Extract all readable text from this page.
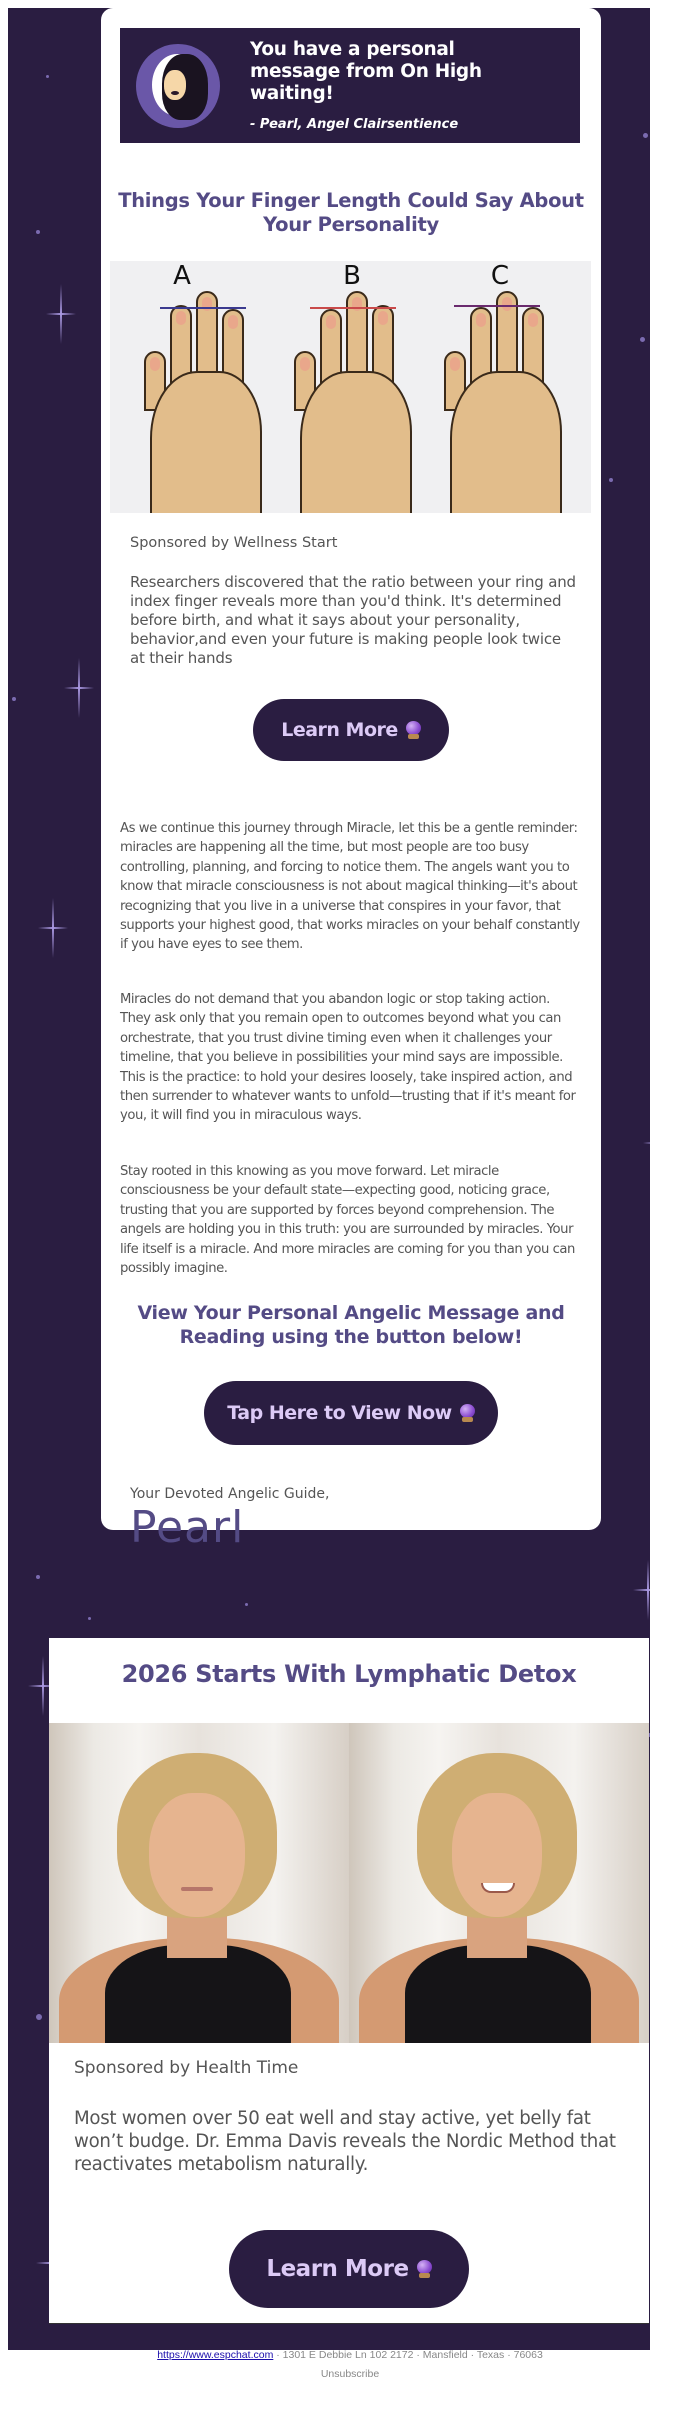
You have a personal message from On High waiting!
- Pearl, Angel Clairsentience
Things Your Finger Length Could Say About Your Personality
A	B	C
Sponsored by Wellness Start
Researchers discovered that the ratio between your ring and index finger reveals more than you'd think. It's determined before birth, and what it says about your personality, behavior,and even your future is making people look twice at their hands
Learn More
As we continue this journey through Miracle, let this be a gentle reminder: miracles are happening all the time, but most people are too busy controlling, planning, and forcing to notice them. The angels want you to know that miracle consciousness is not about magical thinking—it's about recognizing that you live in a universe that conspires in your favor, that supports your highest good, that works miracles on your behalf constantly if you have eyes to see them.
Miracles do not demand that you abandon logic or stop taking action. They ask only that you remain open to outcomes beyond what you can orchestrate, that you trust divine timing even when it challenges your timeline, that you believe in possibilities your mind says are impossible. This is the practice: to hold your desires loosely, take inspired action, and then surrender to whatever wants to unfold—trusting that if it's meant for you, it will find you in miraculous ways.
Stay rooted in this knowing as you move forward. Let miracle consciousness be your default state—expecting good, noticing grace, trusting that you are supported by forces beyond comprehension. The angels are holding you in this truth: you are surrounded by miracles. Your life itself is a miracle. And more miracles are coming for you than you can possibly imagine.
View Your Personal Angelic Message and Reading using the button below!
Tap Here to View Now
Your Devoted Angelic Guide,
Pearl
2026 Starts With Lymphatic Detox
Sponsored by Health Time
Most women over 50 eat well and stay active, yet belly fat won’t budge. Dr. Emma Davis reveals the Nordic Method that reactivates metabolism naturally.
Learn More
https://www.espchat.com · 1301 E Debbie Ln 102 2172 · Mansfield · Texas · 76063
Unsubscribe
